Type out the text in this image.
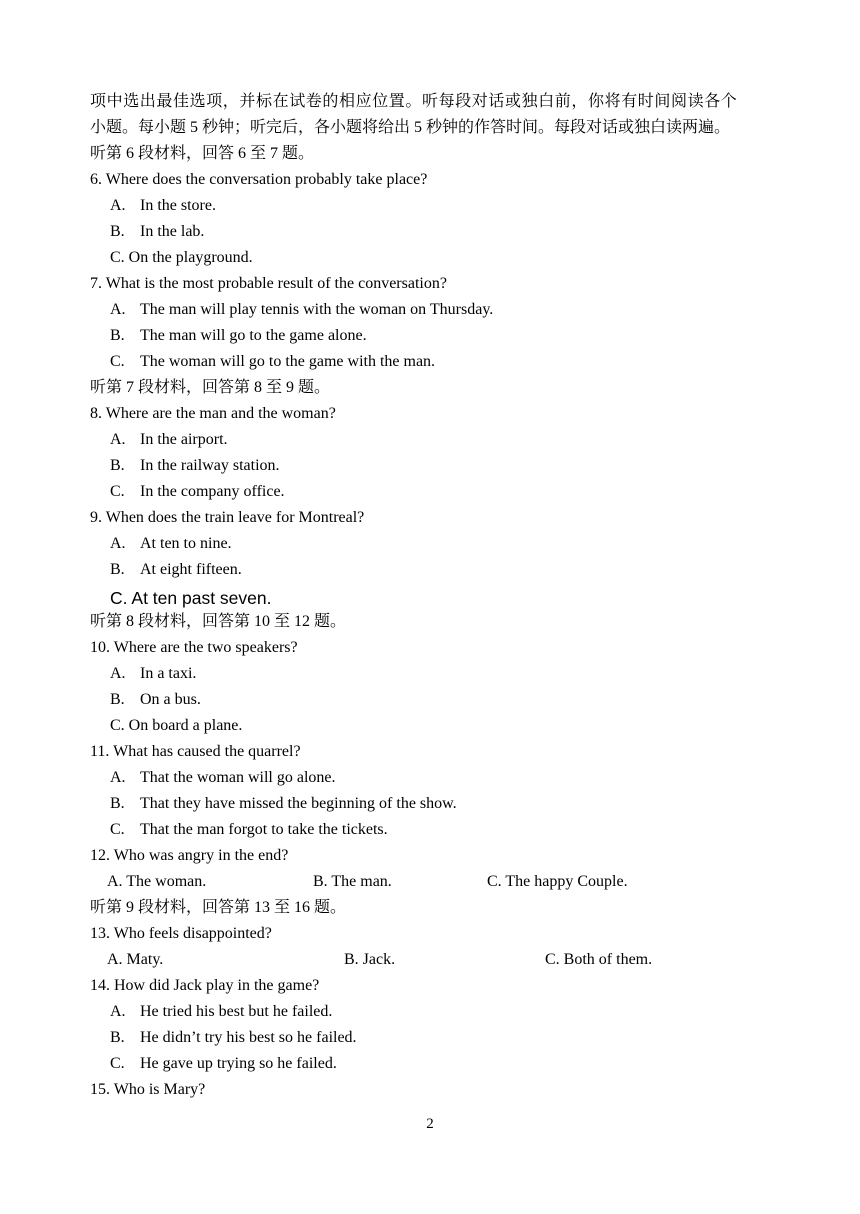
项中选出最佳选项，并标在试卷的相应位置。听每段对话或独白前，你将有时间阅读各个
小题。每小题 5 秒钟；听完后，各小题将给出 5 秒钟的作答时间。每段对话或独白读两遍。
听第 6 段材料，回答 6 至 7 题。
6. Where does the conversation probably take place?
A. In the store.
B. In the lab.
C. On the playground.
7. What is the most probable result of the conversation?
A. The man will play tennis with the woman on Thursday.
B. The man will go to the game alone.
C. The woman will go to the game with the man.
听第 7 段材料，回答第 8 至 9 题。
8. Where are the man and the woman?
A. In the airport.
B. In the railway station.
C. In the company office.
9. When does the train leave for Montreal?
A. At ten to nine.
B. At eight fifteen.
C. At ten past seven.
听第 8 段材料，回答第 10 至 12 题。
10. Where are the two speakers?
A. In a taxi.
B. On a bus.
C. On board a plane.
11. What has caused the quarrel?
A. That the woman will go alone.
B. That they have missed the beginning of the show.
C. That the man forgot to take the tickets.
12. Who was angry in the end?
A. The woman.	B. The man.	C. The happy Couple.
听第 9 段材料，回答第 13 至 16 题。
13. Who feels disappointed?
A. Maty.	B. Jack.	C. Both of them.
14. How did Jack play in the game?
A. He tried his best but he failed.
B. He didn’t try his best so he failed.
C. He gave up trying so he failed.
15. Who is Mary?
2
